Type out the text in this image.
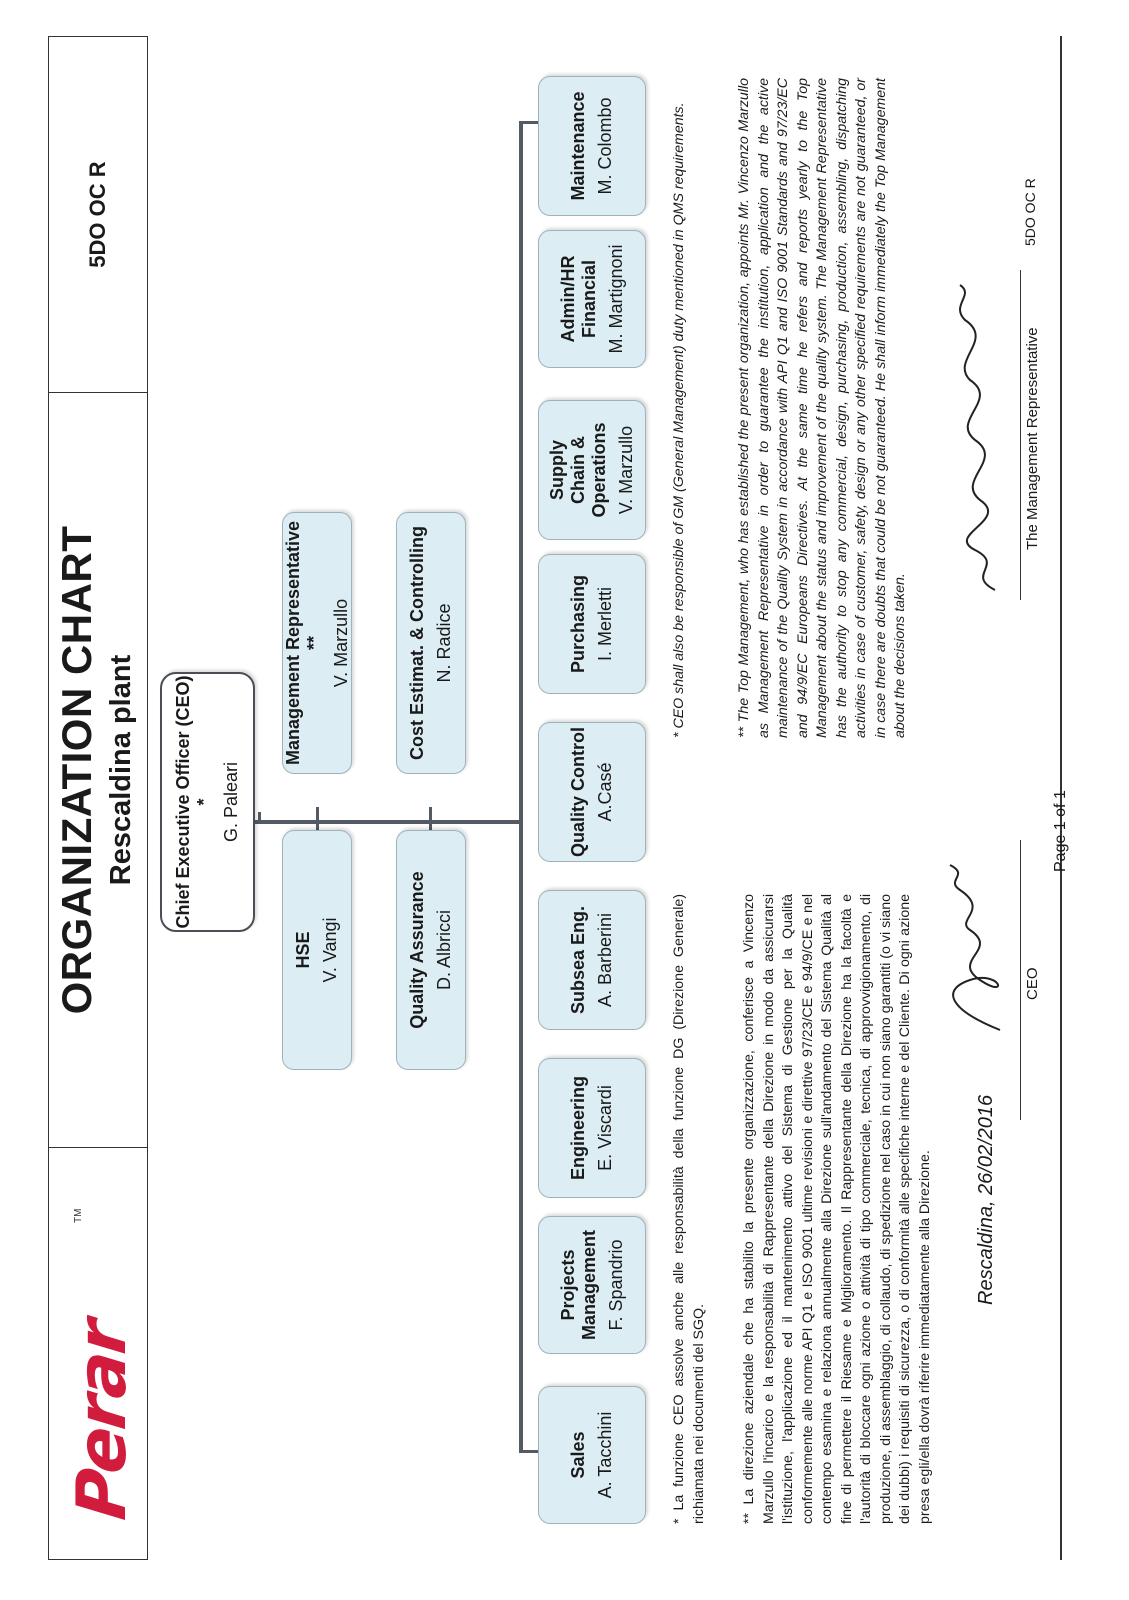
Perar
TM
ORGANIZATION CHART Rescaldina plant
5DO OC R
Chief Executive Officer (CEO) * G. Paleari
HSE V. Vangi
Management Representative ** V. Marzullo
Quality Assurance D. Albricci
Cost Estimat. & Controlling N. Radice
Sales A. Tacchini
Projects Management F. Spandrio
Engineering E. Viscardi
Subsea Eng. A. Barberini
Quality Control A.Casé
Purchasing I. Merletti
Supply Chain & Operations V. Marzullo
Admin/HR Financial M. Martignoni
Maintenance M. Colombo
* La funzione CEO assolve anche alle responsabilità della funzione DG (Direzione Generale) richiamata nei documenti del SGQ. ** La direzione aziendale che ha stabilito la presente organizzazione, conferisce a Vincenzo Marzullo l'incarico e la responsabilità di Rappresentante della Direzione in modo da assicurarsi l'istituzione, l'applicazione ed il mantenimento attivo del Sistema di Gestione per la Qualità conformemente alle norme API Q1 e ISO 9001 ultime revisioni e direttive 97/23/CE e 94/9/CE e nel contempo esamina e relaziona annualmente alla Direzione sull'andamento del Sistema Qualità al fine di permettere il Riesame e Miglioramento. Il Rappresentante della Direzione ha la facoltà e l'autorità di bloccare ogni azione o attività di tipo commerciale, tecnica, di approvvigionamento, di produzione, di assemblaggio, di collaudo, di spedizione nel caso in cui non siano garantiti (o vi siano dei dubbi) i requisiti di sicurezza, o di conformità alle specifiche interne e del Cliente. Di ogni azione presa egli/ella dovrà riferire immediatamente alla Direzione.
* CEO shall also be responsible of GM (General Management) duty mentioned in QMS requirements.	** The Top Management, who has established the present organization, appoints Mr. Vincenzo Marzullo as Management Representative in order to guarantee the institution, application and the active maintenance of the Quality System in accordance with API Q1 and ISO 9001 Standards and 97/23/EC and 94/9/EC Europeans Directives. At the same time he refers and reports yearly to the Top Management about the status and improvement of the quality system. The Management Representative has the authority to stop any commercial, design, purchasing, production, assembling, dispatching activities in case of customer, safety, design or any other specified requirements are not guaranteed, or in case there are doubts that could be not guaranteed. He shall inform immediately the Top Management about the decisions taken.
Rescaldina, 26/02/2016
CEO
The Management Representative
5DO OC R
Page 1 of 1
